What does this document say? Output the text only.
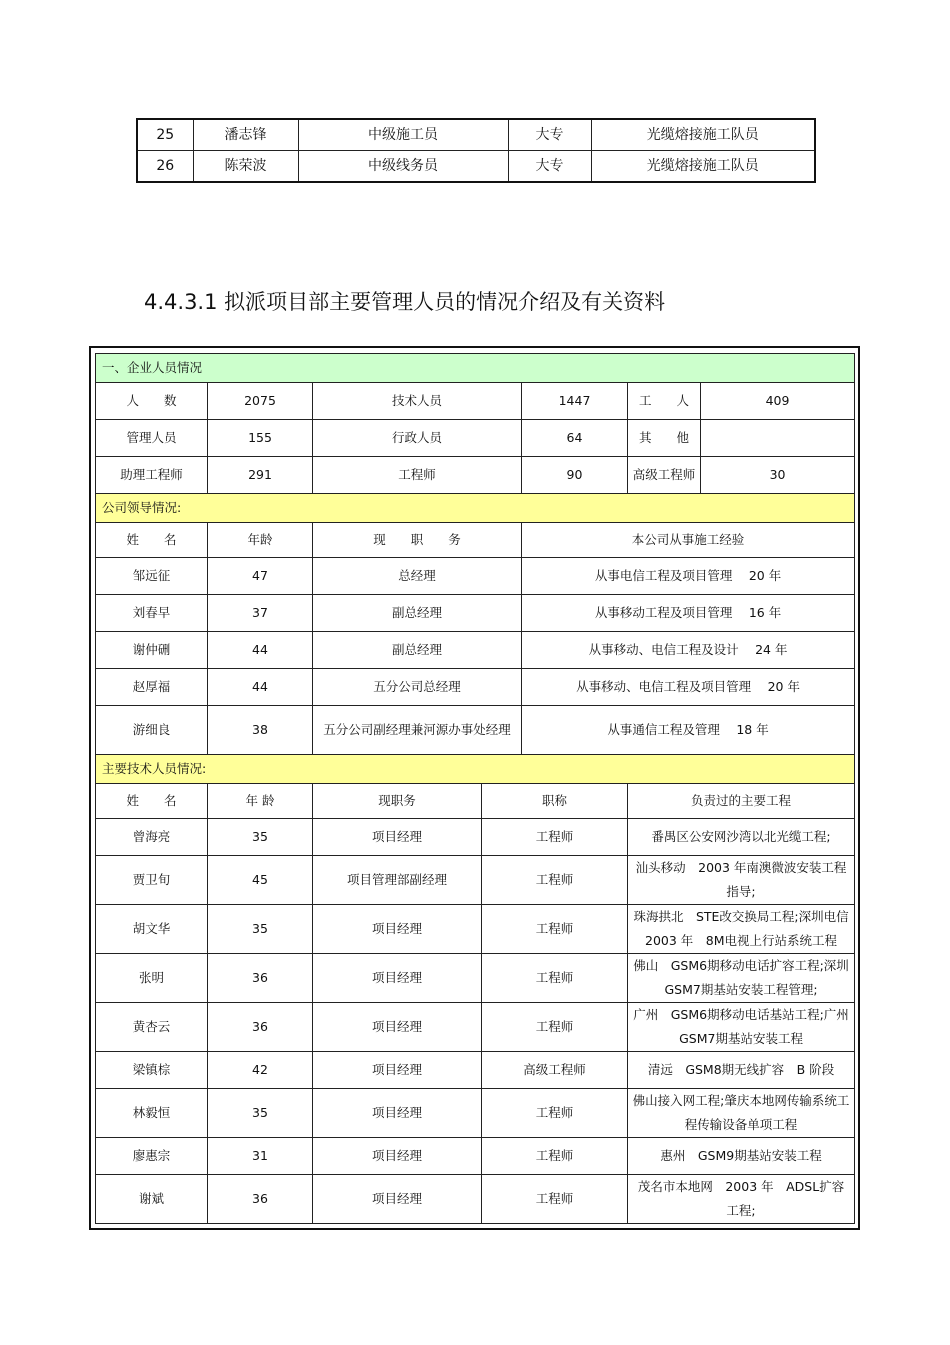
25	潘志锋	中级施工员	大专	光缆熔接施工队员
26	陈荣波	中级线务员	大专	光缆熔接施工队员
4.4.3.1 拟派项目部主要管理人员的情况介绍及有关资料
一、企业人员情况						
人　　数	2075	技术人员		1447	工　　人	409
管理人员	155	行政人员		64	其　　他	
助理工程师	291	工程师		90	高级工程师	30
公司领导情况:						
姓　　名	年龄	现　　职　　务		本公司从事施工经验		
邹远征	47	总经理		从事电信工程及项目管理　 20 年		
刘春早	37	副总经理		从事移动工程及项目管理　 16 年		
谢仲硎	44	副总经理		从事移动、电信工程及设计　 24 年		
赵厚福	44	五分公司总经理		从事移动、电信工程及项目管理　 20 年		
游细良	38	五分公司副经理兼河源办事处经理		从事通信工程及管理　 18 年		
主要技术人员情况:						
姓　　名	年 龄	现职务	职称		负责过的主要工程	
曾海亮	35	项目经理	工程师		番禺区公安网沙湾以北光缆工程;	
贾卫旬	45	项目管理部副经理	工程师		汕头移动　2003 年南澳微波安装工程指导;	
胡文华	35	项目经理	工程师		珠海拱北　STE改交换局工程;深圳电信 2003 年　8M电视上行站系统工程	
张明	36	项目经理	工程师		佛山　GSM6期移动电话扩容工程;深圳 GSM7期基站安装工程管理;	
黄杏云	36	项目经理	工程师		广州　GSM6期移动电话基站工程;广州 GSM7期基站安装工程	
梁镇棕	42	项目经理	高级工程师		清远　GSM8期无线扩容　B 阶段	
林毅恒	35	项目经理	工程师		佛山接入网工程;肇庆本地网传输系统工程传输设备单项工程	
廖惠宗	31	项目经理	工程师		惠州　GSM9期基站安装工程	
谢斌	36	项目经理	工程师		茂名市本地网　2003 年　ADSL扩容工程;	
